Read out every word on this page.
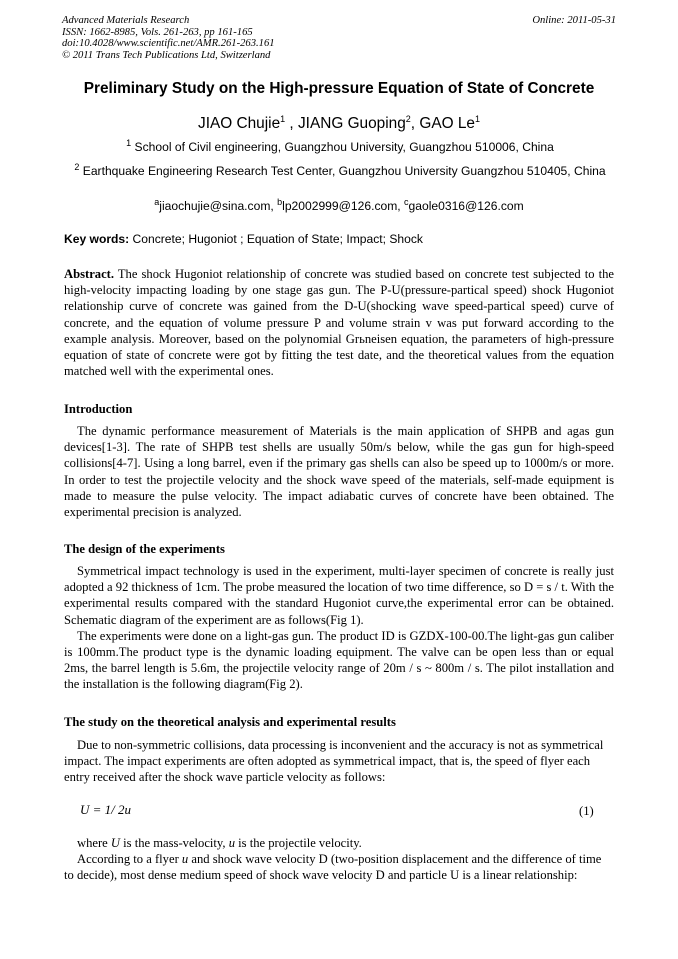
Advanced Materials Research
ISSN: 1662-8985, Vols. 261-263, pp 161-165
doi:10.4028/www.scientific.net/AMR.261-263.161
© 2011 Trans Tech Publications Ltd, Switzerland
Online: 2011-05-31
Preliminary Study on the High-pressure Equation of State of Concrete
JIAO Chujie$^1$ , JIANG Guoping$^2$, GAO Le$^1$
$^1$ School of Civil engineering, Guangzhou University, Guangzhou 510006, China
$^2$ Earthquake Engineering Research Test Center, Guangzhou University Guangzhou 510405, China
$^a$jiaochujie@sina.com, $^b$lp2002999@126.com, $^c$gaole0316@126.com
Key words: Concrete; Hugoniot ; Equation of State; Impact; Shock
Abstract. The shock Hugoniot relationship of concrete was studied based on concrete test subjected to the high-velocity impacting loading by one stage gas gun. The P-U(pressure-partical speed) shock Hugoniot relationship curve of concrete was gained from the D-U(shocking wave speed-partical speed) curve of concrete, and the equation of volume pressure P and volume strain v was put forward according to the example analysis. Moreover, based on the polynomial Grьneisen equation, the parameters of high-pressure equation of state of concrete were got by fitting the test date, and the theoretical values from the equation matched well with the experimental ones.
Introduction
The dynamic performance measurement of Materials is the main application of SHPB and agas gun devices[1-3]. The rate of SHPB test shells are usually 50m/s below, while the gas gun for high-speed collisions[4-7]. Using a long barrel, even if the primary gas shells can also be speed up to 1000m/s or more. In order to test the projectile velocity and the shock wave speed of the materials, self-made equipment is made to measure the pulse velocity. The impact adiabatic curves of concrete have been obtained. The experimental precision is analyzed.
The design of the experiments
Symmetrical impact technology is used in the experiment, multi-layer specimen of concrete is really just adopted a 92 thickness of 1cm. The probe measured the location of two time difference, so D = s / t. With the experimental results compared with the standard Hugoniot curve,the experimental error can be obtained. Schematic diagram of the experiment are as follows(Fig 1).
The experiments were done on a light-gas gun. The product ID is GZDX-100-00.The light-gas gun caliber is 100mm.The product type is the dynamic loading equipment. The valve can be open less than or equal 2ms, the barrel length is 5.6m, the projectile velocity range of 20m / s ~ 800m / s. The pilot installation and the installation is the following diagram(Fig 2).
The study on the theoretical analysis and experimental results
Due to non-symmetric collisions, data processing is inconvenient and the accuracy is not as symmetrical impact. The impact experiments are often adopted as symmetrical impact, that is, the speed of flyer each entry received after the shock wave particle velocity as follows:
U = 1/ 2u	(1)
where U is the mass-velocity, u is the projectile velocity.
According to a flyer u and shock wave velocity D (two-position displacement and the difference of time to decide), most dense medium speed of shock wave velocity D and particle U is a linear relationship:
